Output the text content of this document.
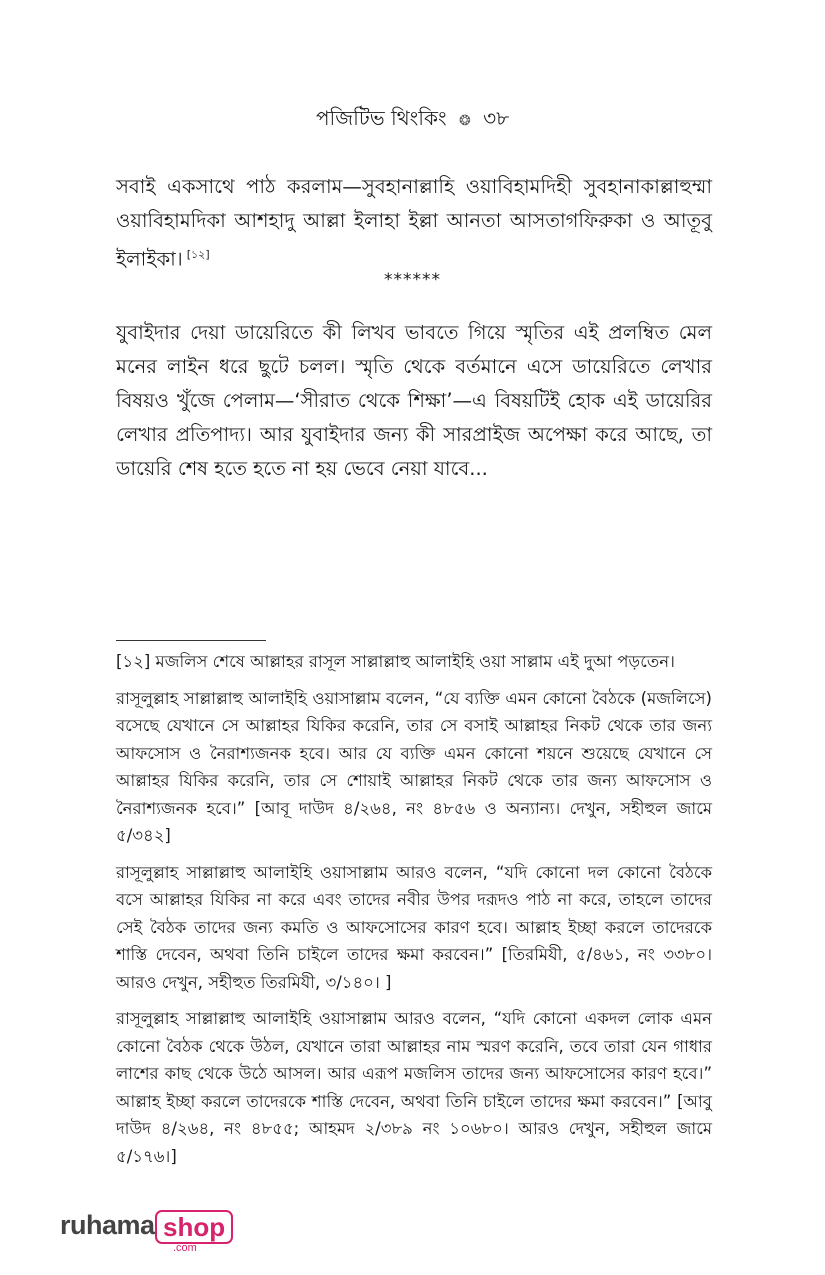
পজিটিভ থিংকিং ❂ ৩৮
সবাই একসাথে পাঠ করলাম—সুবহানাল্লাহি ওয়াবিহামদিহী সুবহানাকাল্লাহুম্মা ওয়াবিহামদিকা আশহাদু আল্লা ইলাহা ইল্লা আনতা আসতাগফিরুকা ও আতূবু ইলাইকা। [১২]
******
যুবাইদার দেয়া ডায়েরিতে কী লিখব ভাবতে গিয়ে স্মৃতির এই প্রলম্বিত মেল মনের লাইন ধরে ছুটে চলল। স্মৃতি থেকে বর্তমানে এসে ডায়েরিতে লেখার বিষয়ও খুঁজে পেলাম—‘সীরাত থেকে শিক্ষা’—এ বিষয়টিই হোক এই ডায়েরির লেখার প্রতিপাদ্য। আর যুবাইদার জন্য কী সারপ্রাইজ অপেক্ষা করে আছে, তা ডায়েরি শেষ হতে হতে না হয় ভেবে নেয়া যাবে...

[১২] মজলিস শেষে আল্লাহর রাসূল সাল্লাল্লাহু আলাইহি ওয়া সাল্লাম এই দুআ পড়তেন।

রাসূলুল্লাহ সাল্লাল্লাহু আলাইহি ওয়াসাল্লাম বলেন, “যে ব্যক্তি এমন কোনো বৈঠকে (মজলিসে) বসেছে যেখানে সে আল্লাহর যিকির করেনি, তার সে বসাই আল্লাহর নিকট থেকে তার জন্য আফসোস ও নৈরাশ্যজনক হবে। আর যে ব্যক্তি এমন কোনো শয়নে শুয়েছে যেখানে সে আল্লাহর যিকির করেনি, তার সে শোয়াই আল্লাহর নিকট থেকে তার জন্য আফসোস ও নৈরাশ্যজনক হবে।” [আবূ দাউদ ৪/২৬৪, নং ৪৮৫৬ ও অন্যান্য। দেখুন, সহীহুল জামে ৫/৩৪২]

রাসূলুল্লাহ সাল্লাল্লাহু আলাইহি ওয়াসাল্লাম আরও বলেন, “যদি কোনো দল কোনো বৈঠকে বসে আল্লাহর যিকির না করে এবং তাদের নবীর উপর দরূদও পাঠ না করে, তাহলে তাদের সেই বৈঠক তাদের জন্য কমতি ও আফসোসের কারণ হবে। আল্লাহ ইচ্ছা করলে তাদেরকে শাস্তি দেবেন, অথবা তিনি চাইলে তাদের ক্ষমা করবেন।” [তিরমিযী, ৫/৪৬১, নং ৩৩৮০। আরও দেখুন, সহীহুত তিরমিযী, ৩/১৪০। ]

রাসূলুল্লাহ সাল্লাল্লাহু আলাইহি ওয়াসাল্লাম আরও বলেন, “যদি কোনো একদল লোক এমন কোনো বৈঠক থেকে উঠল, যেখানে তারা আল্লাহর নাম স্মরণ করেনি, তবে তারা যেন গাধার লাশের কাছ থেকে উঠে আসল। আর এরূপ মজলিস তাদের জন্য আফসোসের কারণ হবে।” আল্লাহ ইচ্ছা করলে তাদেরকে শাস্তি দেবেন, অথবা তিনি চাইলে তাদের ক্ষমা করবেন।” [আবু দাউদ ৪/২৬৪, নং ৪৮৫৫; আহমদ ২/৩৮৯ নং ১০৬৮০। আরও দেখুন, সহীহুল জামে ৫/১৭৬।]

ruhama shop
.com
